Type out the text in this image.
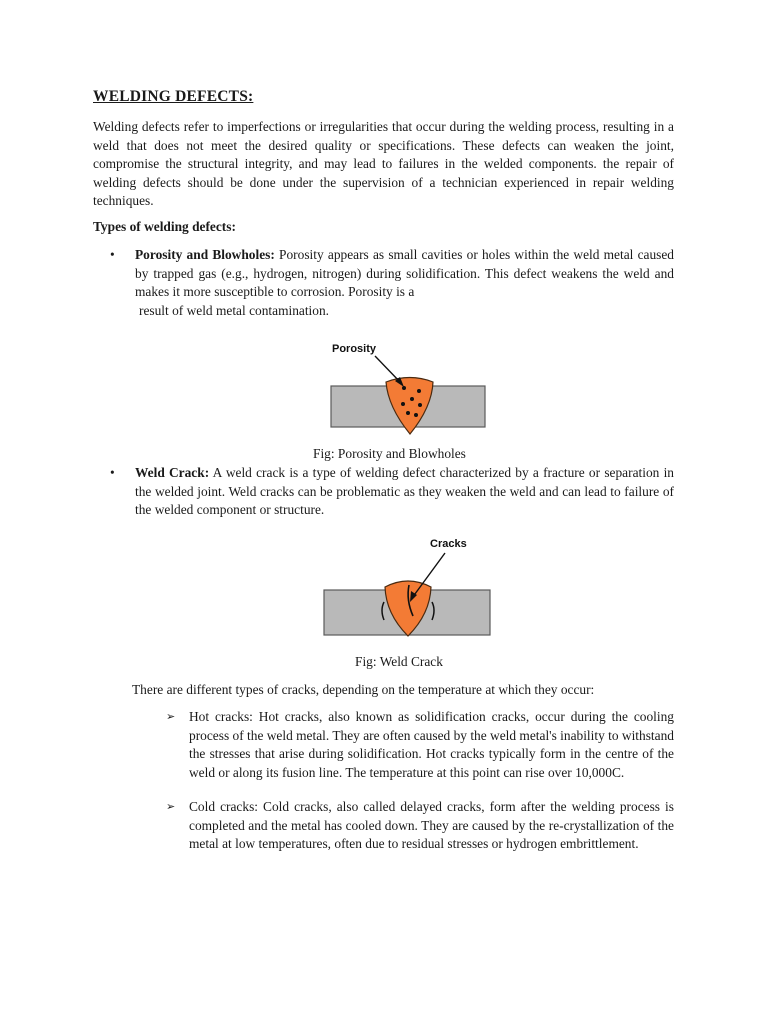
WELDING DEFECTS:

Welding defects refer to imperfections or irregularities that occur during the welding process, resulting in a weld that does not meet the desired quality or specifications. These defects can weaken the joint, compromise the structural integrity, and may lead to failures in the welded components. the repair of welding defects should be done under the supervision of a technician experienced in repair welding techniques.

Types of welding defects:

• Porosity and Blowholes: Porosity appears as small cavities or holes within the weld metal caused by trapped gas (e.g., hydrogen, nitrogen) during solidification. This defect weakens the weld and makes it more susceptible to corrosion. Porosity is a

result of weld metal contamination.

Porosity

Fig: Porosity and Blowholes

• Weld Crack: A weld crack is a type of welding defect characterized by a fracture or separation in the welded joint. Weld cracks can be problematic as they weaken the weld and can lead to failure of the welded component or structure.

Cracks

Fig: Weld Crack

There are different types of cracks, depending on the temperature at which they occur:

➢ Hot cracks: Hot cracks, also known as solidification cracks, occur during the cooling process of the weld metal. They are often caused by the weld metal's inability to withstand the stresses that arise during solidification. Hot cracks typically form in the centre of the weld or along its fusion line. The temperature at this point can rise over 10,000C.

➢ Cold cracks: Cold cracks, also called delayed cracks, form after the welding process is completed and the metal has cooled down. They are caused by the re-crystallization of the metal at low temperatures, often due to residual stresses or hydrogen embrittlement.
